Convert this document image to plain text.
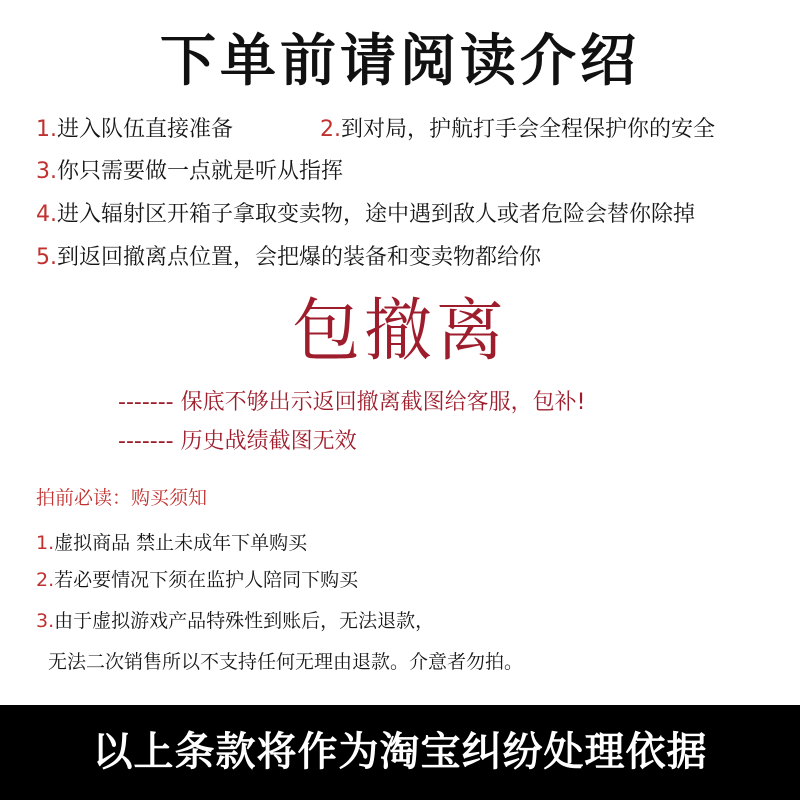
下单前请阅读介绍
1.进入队伍直接准备	2.到对局，护航打手会全程保护你的安全
3.你只需要做一点就是听从指挥
4.进入辐射区开箱子拿取变卖物，途中遇到敌人或者危险会替你除掉
5.到返回撤离点位置，会把爆的装备和变卖物都给你
包撤离
------- 保底不够出示返回撤离截图给客服，包补!
------- 历史战绩截图无效
拍前必读：购买须知
1.虚拟商品 禁止未成年下单购买
2.若必要情况下须在监护人陪同下购买
3.由于虚拟游戏产品特殊性到账后，无法退款，
无法二次销售所以不支持任何无理由退款。介意者勿拍。
以上条款将作为淘宝纠纷处理依据
